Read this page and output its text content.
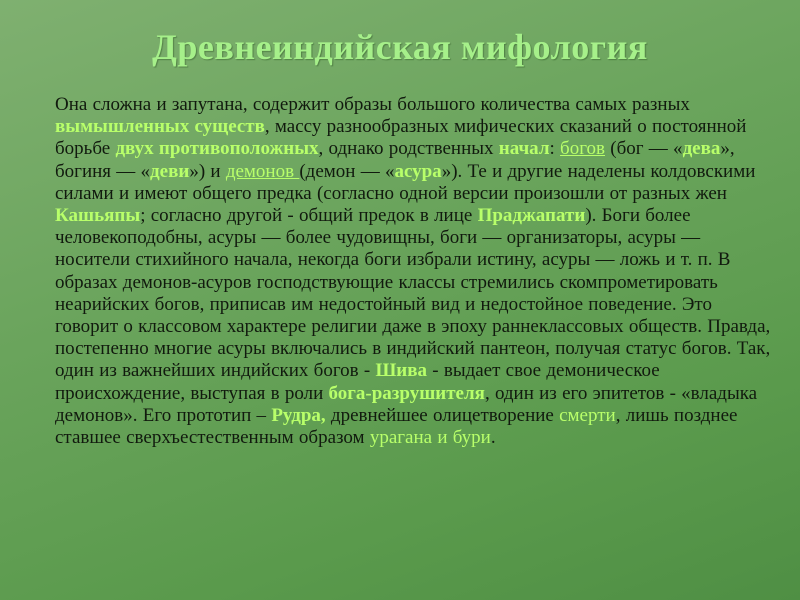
Древнеиндийская мифология

Она сложна и запутана, содержит образы большого количества самых разных вымышленных существ, массу разнообразных мифических сказаний о постоянной борьбе двух противоположных, однако родственных начал: богов (бог — «дева», богиня — «деви») и демонов (демон — «асура»). Те и другие наделены колдовскими силами и имеют общего предка (согласно одной версии произошли от разных жен Кашьяпы; согласно другой - общий предок в лице Праджапати). Боги более человекоподобны, асуры — более чудовищны, боги — организаторы, асуры — носители стихийного начала, некогда боги избрали истину, асуры — ложь и т. п. В образах демонов-асуров господствующие классы стремились скомпрометировать неарийских богов, приписав им недостойный вид и недостойное поведение. Это говорит о классовом характере религии даже в эпоху раннеклассовых обществ. Правда, постепенно многие асуры включались в индийский пантеон, получая статус богов. Так, один из важнейших индийских богов - Шива - выдает свое демоническое происхождение, выступая в роли бога-разрушителя, один из его эпитетов - «владыка демонов». Его прототип – Рудра, древнейшее олицетворение смерти, лишь позднее ставшее сверхъестественным образом урагана и бури.
